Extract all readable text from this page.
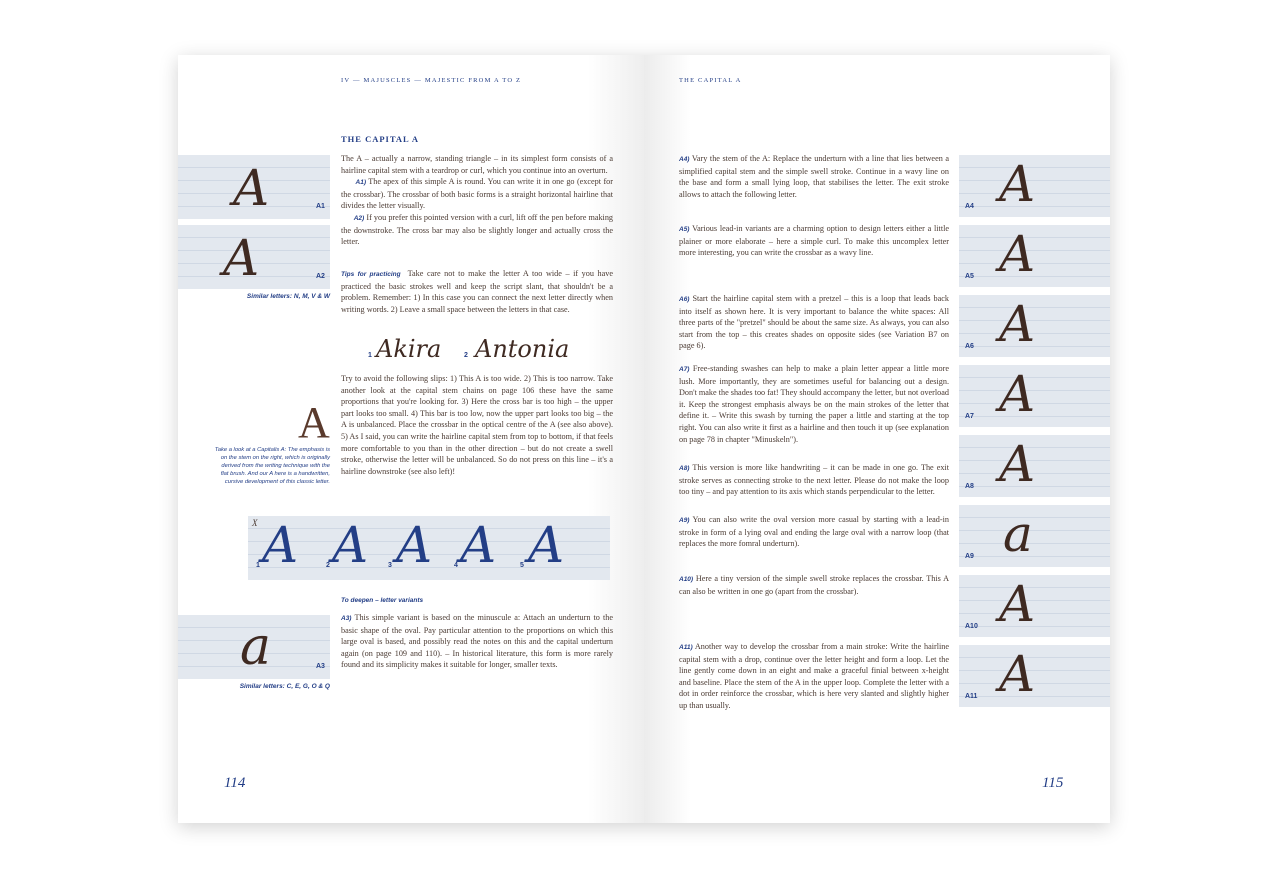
IV — MAJUSCLES — MAJESTIC FROM A TO Z
THE CAPITAL A
A	A1
A	A2
Similar letters: N, M, V & W
The A – actually a narrow, standing triangle – in its simplest form consists of a hairline capital stem with a teardrop or curl, which you continue into an overturn.
A1) The apex of this simple A is round. You can write it in one go (except for the crossbar). The crossbar of both basic forms is a straight horizontal hairline that divides the letter visually.
A2) If you prefer this pointed version with a curl, lift off the pen before making the downstroke. The cross bar may also be slightly longer and actually cross the letter.
Tips for practicing Take care not to make the letter A too wide – if you have practiced the basic strokes well and keep the script slant, that shouldn't be a problem. Remember: 1) In this case you can connect the next letter directly when writing words. 2) Leave a small space between the letters in that case.
1 Akira	2 Antonia
Try to avoid the following slips: 1) This A is too wide. 2) This is too narrow. Take another look at the capital stem chains on page 106 these have the same proportions that you're looking for. 3) Here the cross bar is too high – the upper part looks too small. 4) This bar is too low, now the upper part looks too big – the A is unbalanced. Place the crossbar in the optical centre of the A (see also above). 5) As I said, you can write the hairline capital stem from top to bottom, if that feels more comfortable to you than in the other direction – but do not create a swell stroke, otherwise the letter will be unbalanced. So do not press on this line – it's a hairline downstroke (see also left)!
A
Take a look at a Capitalis A: The emphasis is on the stem on the right, which is originally derived from the writing technique with the flat brush. And our A here is a handwritten, cursive development of this classic letter.
X
1 A	2 A	3 A	4 A	5 A
To deepen – letter variants
a	A3
Similar letters: C, E, G, O & Q
A3) This simple variant is based on the minuscule a: Attach an underturn to the basic shape of the oval. Pay particular attention to the proportions on which this large oval is based, and possibly read the notes on this and the capital underturn again (on page 109 and 110). – In historical literature, this form is more rarely found and its simplicity makes it suitable for longer, smaller texts.
114
THE CAPITAL A
A4) Vary the stem of the A: Replace the underturn with a line that lies between a simplified capital stem and the simple swell stroke. Continue in a wavy line on the base and form a small lying loop, that stabilises the letter. The exit stroke allows to attach the following letter.
A5) Various lead-in variants are a charming option to design letters either a little plainer or more elaborate – here a simple curl. To make this uncomplex letter more interesting, you can write the crossbar as a wavy line.
A6) Start the hairline capital stem with a pretzel – this is a loop that leads back into itself as shown here. It is very important to balance the white spaces: All three parts of the "pretzel" should be about the same size. As always, you can also start from the top – this creates shades on opposite sides (see Variation B7 on page 6).
A7) Free-standing swashes can help to make a plain letter appear a little more lush. More importantly, they are sometimes useful for balancing out a design. Don't make the shades too fat! They should accompany the letter, but not overload it. Keep the strongest emphasis always be on the main strokes of the letter that define it. – Write this swash by turning the paper a little and starting at the top right. You can also write it first as a hairline and then touch it up (see explanation on page 78 in chapter "Minuskeln").
A8) This version is more like handwriting – it can be made in one go. The exit stroke serves as connecting stroke to the next letter. Please do not make the loop too tiny – and pay attention to its axis which stands perpendicular to the letter.
A9) You can also write the oval version more casual by starting with a lead-in stroke in form of a lying oval and ending the large oval with a narrow loop (that replaces the more fomral underturn).
A10) Here a tiny version of the simple swell stroke replaces the crossbar. This A can also be written in one go (apart from the crossbar).
A11) Another way to develop the crossbar from a main stroke: Write the hairline capital stem with a drop, continue over the letter height and form a loop. Let the line gently come down in an eight and make a graceful finial between x-height and baseline. Place the stem of the A in the upper loop. Complete the letter with a dot in order reinforce the crossbar, which is here very slanted and slightly higher up than usually.
A
A4
A
A5
A
A6
A
A7
A
A8
a
A9
A
A10
A
A11
115
